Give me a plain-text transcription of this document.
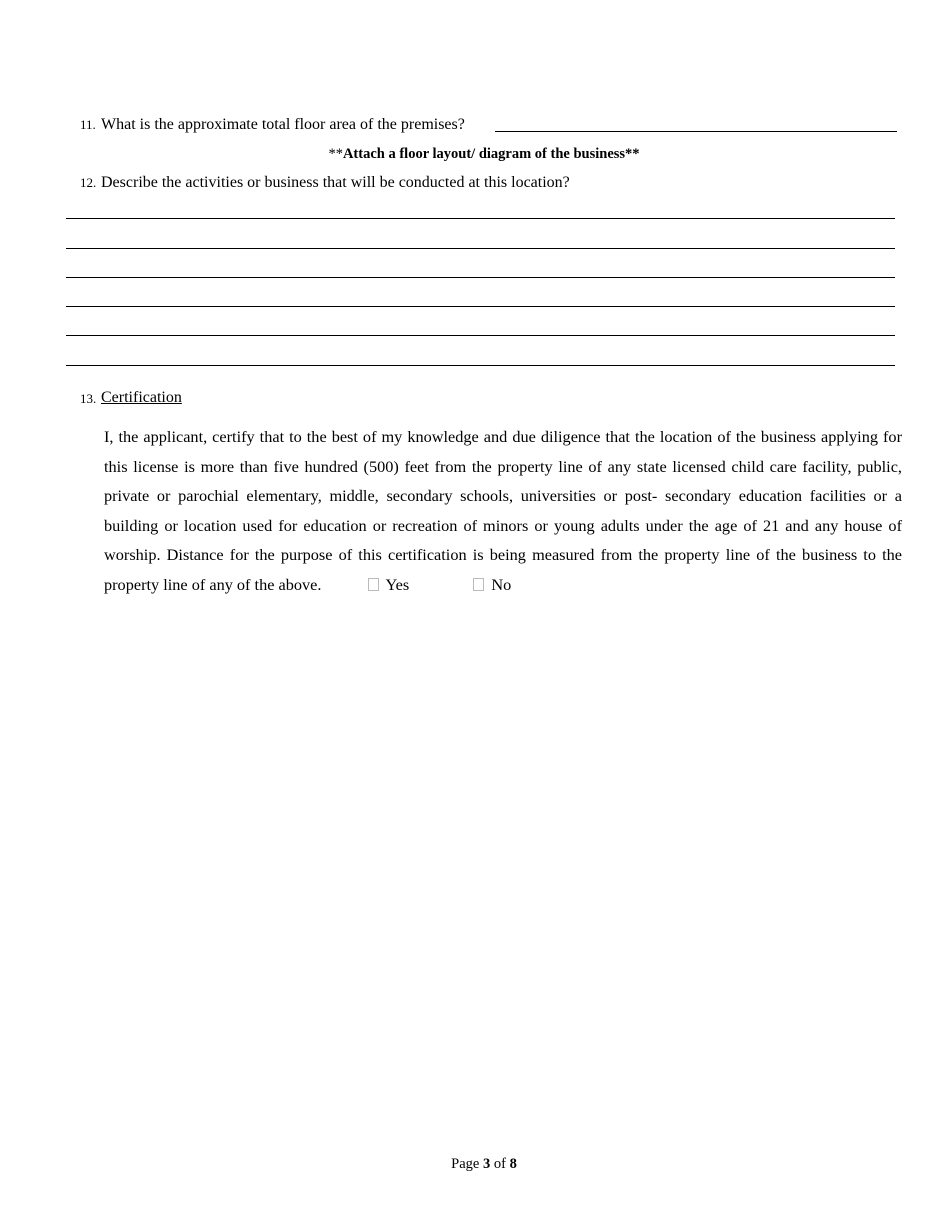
11. What is the approximate total floor area of the premises?
**Attach a floor layout/ diagram of the business**
12. Describe the activities or business that will be conducted at this location?
13. Certification
I, the applicant, certify that to the best of my knowledge and due diligence that the location of the business applying for this license is more than five hundred (500) feet from the property line of any state licensed child care facility, public, private or parochial elementary, middle, secondary schools, universities or post- secondary education facilities or a building or location used for education or recreation of minors or young adults under the age of 21 and any house of worship. Distance for the purpose of this certification is being measured from the property line of the business to the property line of any of the above.	Yes	No
Page 3 of 8
